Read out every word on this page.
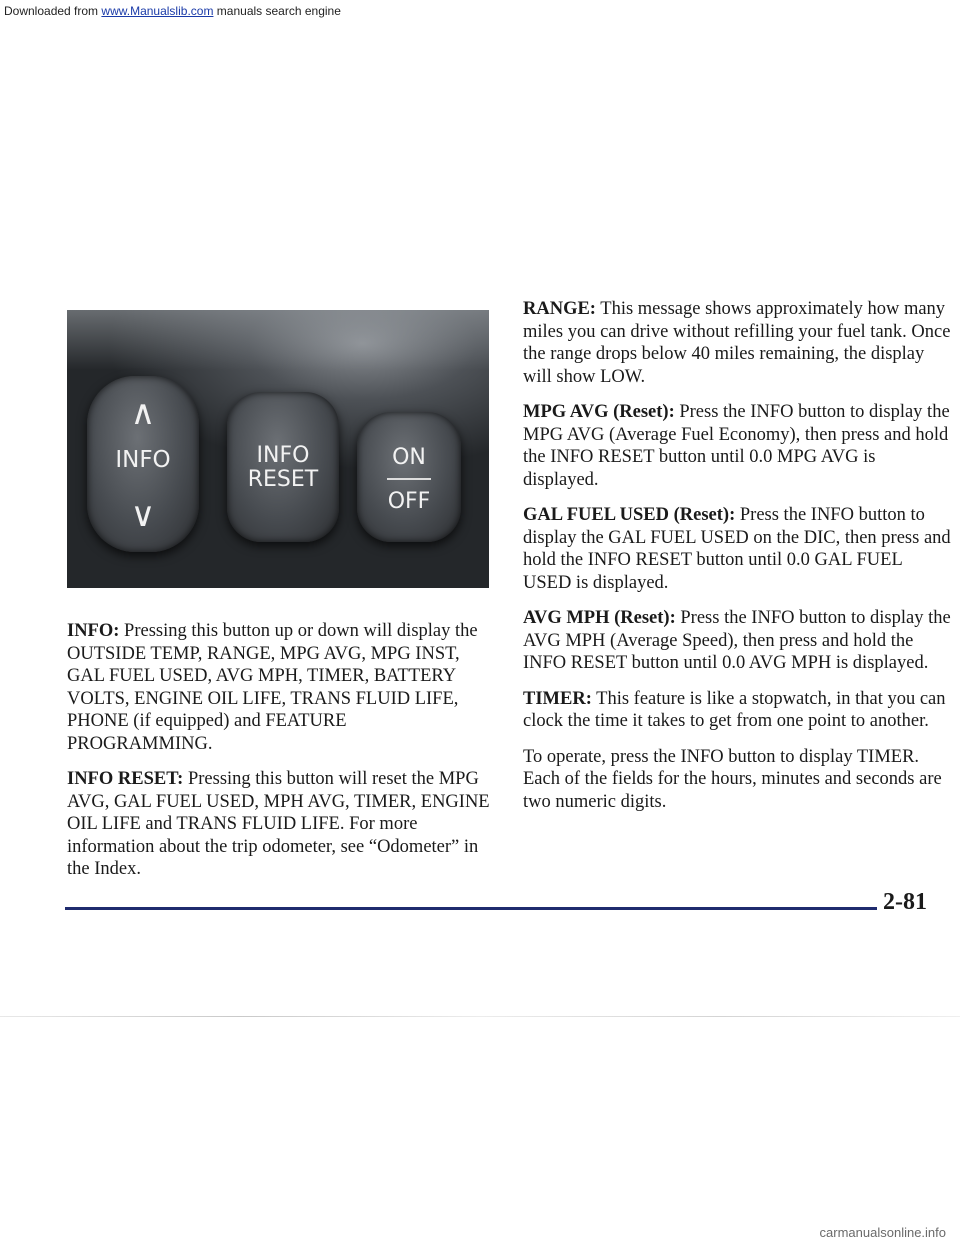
Downloaded from www.Manualslib.com manuals search engine
∧
INFO
∨
INFO
RESET
ON
OFF

INFO: Pressing this button up or down will display the OUTSIDE TEMP, RANGE, MPG AVG, MPG INST, GAL FUEL USED, AVG MPH, TIMER, BATTERY VOLTS, ENGINE OIL LIFE, TRANS FLUID LIFE, PHONE (if equipped) and FEATURE PROGRAMMING.

INFO RESET: Pressing this button will reset the MPG AVG, GAL FUEL USED, MPH AVG, TIMER, ENGINE OIL LIFE and TRANS FLUID LIFE. For more information about the trip odometer, see “Odometer” in the Index.

RANGE: This message shows approximately how many miles you can drive without refilling your fuel tank. Once the range drops below 40 miles remaining, the display will show LOW.

MPG AVG (Reset): Press the INFO button to display the MPG AVG (Average Fuel Economy), then press and hold the INFO RESET button until 0.0 MPG AVG is displayed.

GAL FUEL USED (Reset): Press the INFO button to display the GAL FUEL USED on the DIC, then press and hold the INFO RESET button until 0.0 GAL FUEL USED is displayed.

AVG MPH (Reset): Press the INFO button to display the AVG MPH (Average Speed), then press and hold the INFO RESET button until 0.0 AVG MPH is displayed.

TIMER: This feature is like a stopwatch, in that you can clock the time it takes to get from one point to another.

To operate, press the INFO button to display TIMER. Each of the fields for the hours, minutes and seconds are two numeric digits.

2-81
carmanualsonline.info
